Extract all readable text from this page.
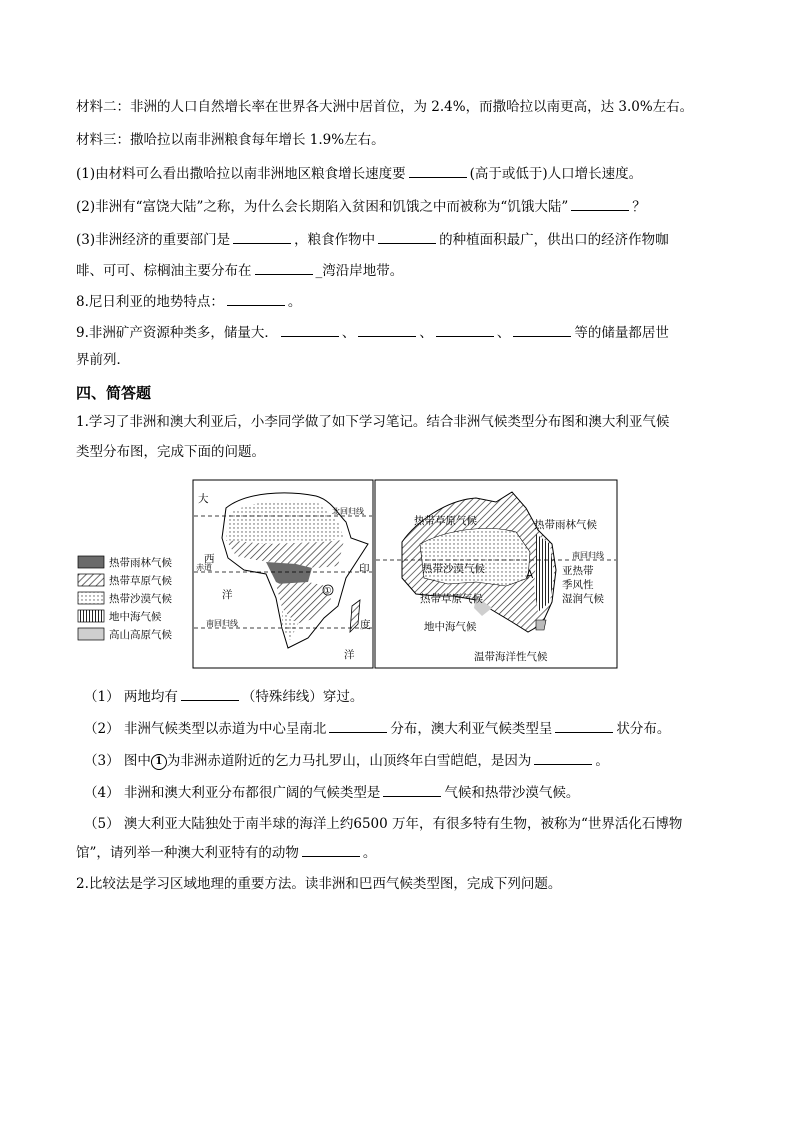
材料二：非洲的人口自然增长率在世界各大洲中居首位，为 2.4%，而撒哈拉以南更高，达 3.0%左右。
材料三：撒哈拉以南非洲粮食每年增长 1.9%左右。
(1)由材料可么看出撒哈拉以南非洲地区粮食增长速度要	(高于或低于)人口增长速度。
(2)非洲有“富饶大陆”之称，为什么会长期陷入贫困和饥饿之中而被称为“饥饿大陆”	？
(3)非洲经济的重要部门是	，粮食作物中	的种植面积最广，供出口的经济作物咖
啡、可可、棕榈油主要分布在	_湾沿岸地带。
8.尼日利亚的地势特点：	。
9.非洲矿产资源种类多，储量大．	、	、	、	等的储量都居世
界前列．
四、简答题
1.学习了非洲和澳大利亚后，小李同学做了如下学习笔记。结合非洲气候类型分布图和澳大利亚气候
类型分布图，完成下面的问题。
热带雨林气候
热带草原气候
热带沙漠气候
地中海气候
高山高原气候
大
西
洋
印
度
洋
北回归线
赤道
南回归线
①
热带草原气候	热带雨林气候
南回归线
热带沙漠气候
热带草原气候
亚热带
季风性
湿润气候
A
地中海气候
温带海洋性气候
（1） 两地均有	（特殊纬线）穿过。
（2） 非洲气候类型以赤道为中心呈南北	分布，澳大利亚气候类型呈	状分布。
（3） 图中 1 为非洲赤道附近的乞力马扎罗山，山顶终年白雪皑皑，是因为	。
（4） 非洲和澳大利亚分布都很广阔的气候类型是	气候和热带沙漠气候。
（5） 澳大利亚大陆独处于南半球的海洋上约6500 万年，有很多特有生物，被称为“世界活化石博物
馆”，请列举一种澳大利亚特有的动物	。
2.比较法是学习区域地理的重要方法。读非洲和巴西气候类型图，完成下列问题。
